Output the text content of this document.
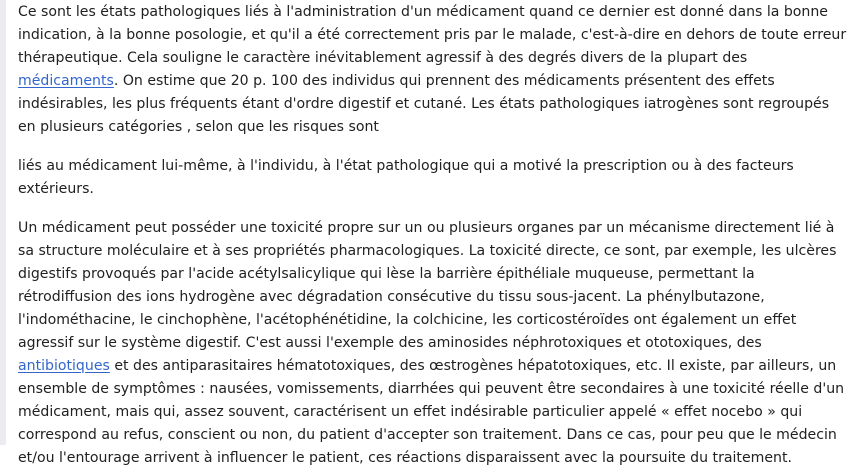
Ce sont les états pathologiques liés à l'administration d'un médicament quand ce dernier est donné dans la bonne indication, à la bonne posologie, et qu'il a été correctement pris par le malade, c'est-à-dire en dehors de toute erreur thérapeutique. Cela souligne le caractère inévitablement agressif à des degrés divers de la plupart des médicaments. On estime que 20 p. 100 des individus qui prennent des médicaments présentent des effets indésirables, les plus fréquents étant d'ordre digestif et cutané. Les états pathologiques iatrogènes sont regroupés en plusieurs catégories , selon que les risques sont

liés au médicament lui-même, à l'individu, à l'état pathologique qui a motivé la prescription ou à des facteurs extérieurs.

Un médicament peut posséder une toxicité propre sur un ou plusieurs organes par un mécanisme directement lié à sa structure moléculaire et à ses propriétés pharmacologiques. La toxicité directe, ce sont, par exemple, les ulcères digestifs provoqués par l'acide acétylsalicylique qui lèse la barrière épithéliale muqueuse, permettant la rétrodiffusion des ions hydrogène avec dégradation consécutive du tissu sous-jacent. La phénylbutazone, l'indométhacine, le cinchophène, l'acétophénétidine, la colchicine, les corticostéroïdes ont également un effet agressif sur le système digestif. C'est aussi l'exemple des aminosides néphrotoxiques et ototoxiques, des antibiotiques et des antiparasitaires hématotoxiques, des œstrogènes hépatotoxiques, etc. Il existe, par ailleurs, un ensemble de symptômes : nausées, vomissements, diarrhées qui peuvent être secondaires à une toxicité réelle d'un médicament, mais qui, assez souvent, caractérisent un effet indésirable particulier appelé « effet nocebo » qui correspond au refus, conscient ou non, du patient d'accepter son traitement. Dans ce cas, pour peu que le médecin et/ou l'entourage arrivent à influencer le patient, ces réactions disparaissent avec la poursuite du traitement.
